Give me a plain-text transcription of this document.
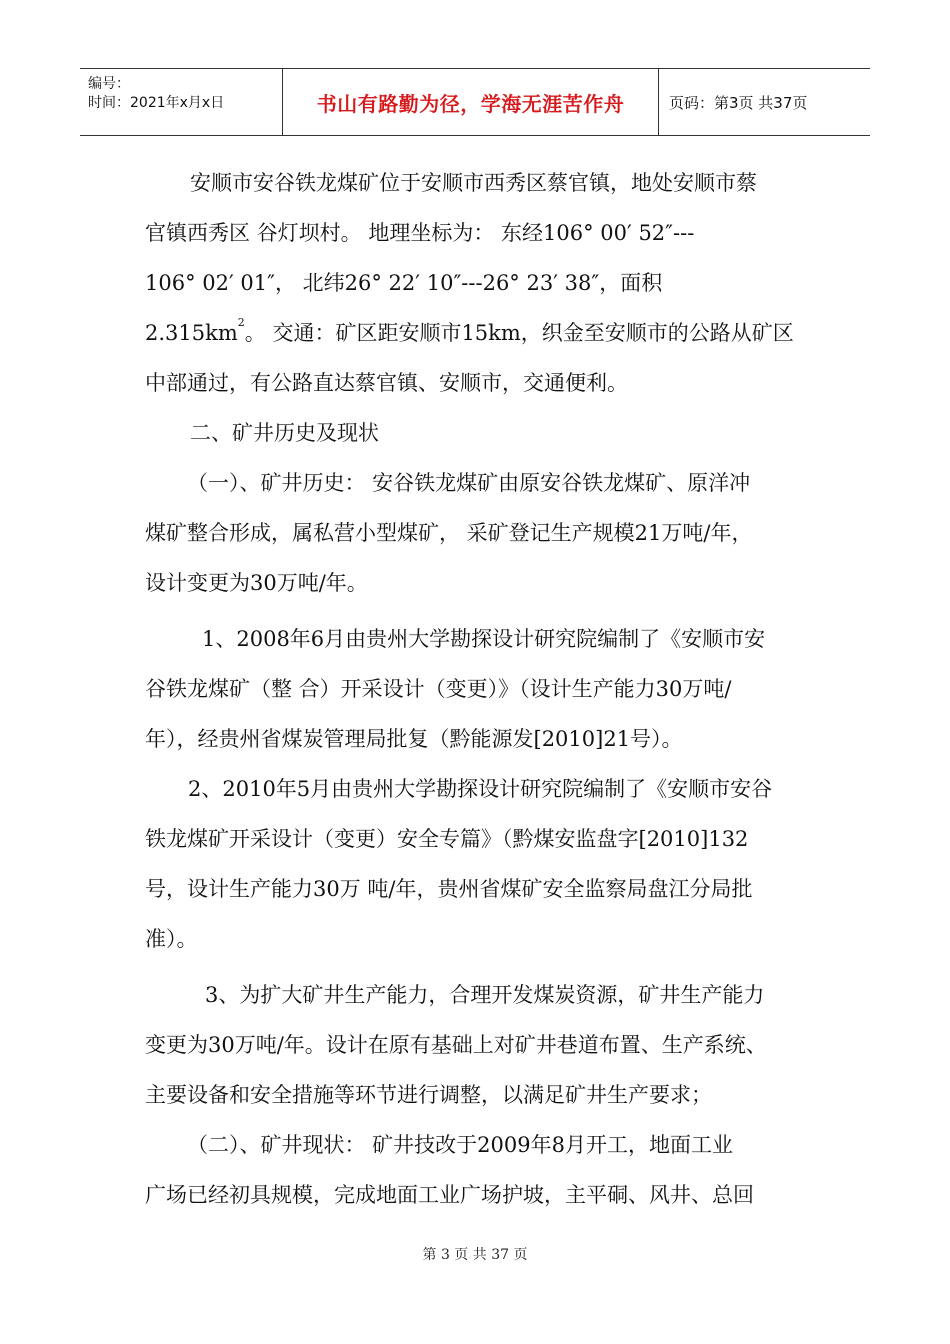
编号：
时间：2021年x月x日	书山有路勤为径，学海无涯苦作舟	页码：第3页 共37页
安顺市安谷铁龙煤矿位于安顺市西秀区蔡官镇，地处安顺市蔡
官镇西秀区 谷灯坝村。 地理坐标为： 东经106° 00′ 52″---
106° 02′ 01″， 北纬26° 22′ 10″---26° 23′ 38″，面积
$2.315km^2$。 交通：矿区距安顺市15km，织金至安顺市的公路从矿区
中部通过，有公路直达蔡官镇、安顺市，交通便利。
二、矿井历史及现状
（一）、矿井历史： 安谷铁龙煤矿由原安谷铁龙煤矿、原洋冲
煤矿整合形成，属私营小型煤矿， 采矿登记生产规模21万吨/年，
设计变更为30万吨/年。
1、2008年6月由贵州大学勘探设计研究院编制了《安顺市安
谷铁龙煤矿（整 合）开采设计（变更）》（设计生产能力30万吨/
年），经贵州省煤炭管理局批复（黔能源发[2010]21号）。
2、2010年5月由贵州大学勘探设计研究院编制了《安顺市安谷
铁龙煤矿开采设计（变更）安全专篇》（黔煤安监盘字[2010]132
号，设计生产能力30万 吨/年，贵州省煤矿安全监察局盘江分局批
准）。
3、为扩大矿井生产能力，合理开发煤炭资源，矿井生产能力
变更为30万吨/年。设计在原有基础上对矿井巷道布置、生产系统、
主要设备和安全措施等环节进行调整，以满足矿井生产要求；
（二）、矿井现状： 矿井技改于2009年8月开工，地面工业
广场已经初具规模，完成地面工业广场护坡，主平硐、风井、总回
第 3 页 共 37 页
